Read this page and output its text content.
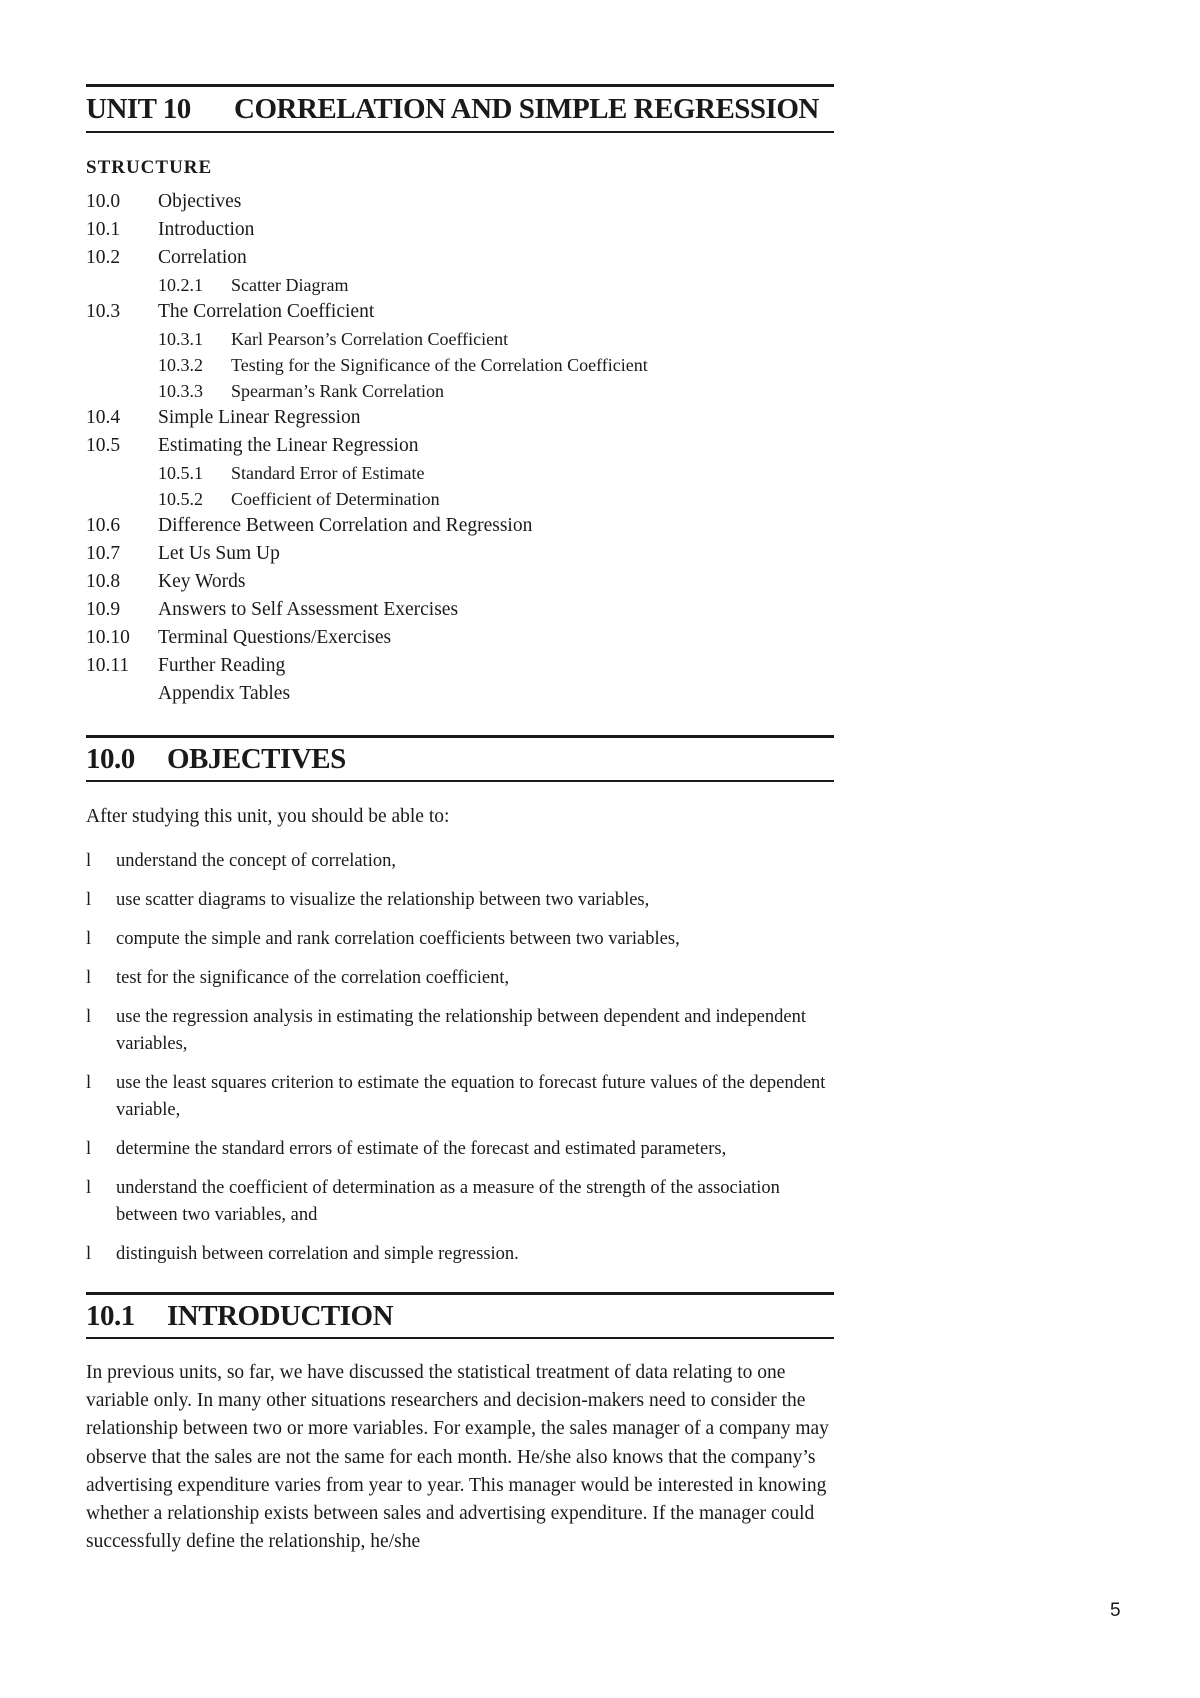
UNIT 10 CORRELATION AND SIMPLE REGRESSION
STRUCTURE
10.0	Objectives
10.1	Introduction
10.2	Correlation
10.2.1	Scatter Diagram
10.3	The Correlation Coefficient
10.3.1	Karl Pearson’s Correlation Coefficient
10.3.2	Testing for the Significance of the Correlation Coefficient
10.3.3	Spearman’s Rank Correlation
10.4	Simple Linear Regression
10.5	Estimating the Linear Regression
10.5.1	Standard Error of Estimate
10.5.2	Coefficient of Determination
10.6	Difference Between Correlation and Regression
10.7	Let Us Sum Up
10.8	Key Words
10.9	Answers to Self Assessment Exercises
10.10	Terminal Questions/Exercises
10.11	Further Reading
Appendix Tables
10.0 OBJECTIVES
After studying this unit, you should be able to:
l	understand the concept of correlation,
l	use scatter diagrams to visualize the relationship between two variables,
l	compute the simple and rank correlation coefficients between two variables,
l	test for the significance of the correlation coefficient,
l	use the regression analysis in estimating the relationship between dependent and independent variables,
l	use the least squares criterion to estimate the equation to forecast future values of the dependent variable,
l	determine the standard errors of estimate of the forecast and estimated parameters,
l	understand the coefficient of determination as a measure of the strength of the association between two variables, and
l	distinguish between correlation and simple regression.
10.1 INTRODUCTION
In previous units, so far, we have discussed the statistical treatment of data relating to one variable only. In many other situations researchers and decision-makers need to consider the relationship between two or more variables. For example, the sales manager of a company may observe that the sales are not the same for each month. He/she also knows that the company’s advertising expenditure varies from year to year. This manager would be interested in knowing whether a relationship exists between sales and advertising expenditure. If the manager could successfully define the relationship, he/she
5
